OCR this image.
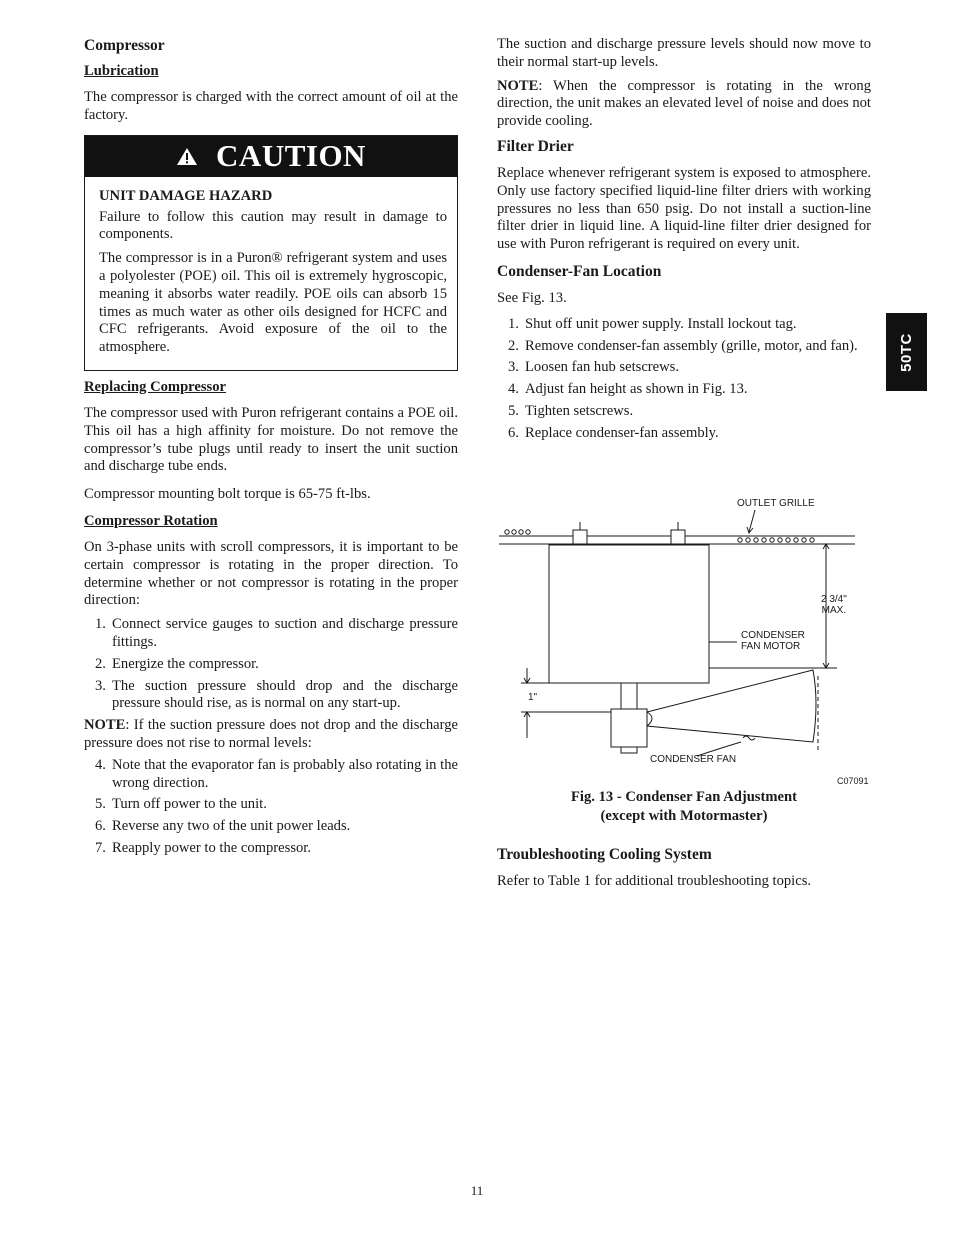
Compressor
Lubrication

The compressor is charged with the correct amount of oil at the factory.

CAUTION
UNIT DAMAGE HAZARD

Failure to follow this caution may result in damage to components.

The compressor is in a Puron® refrigerant system and uses a polyolester (POE) oil. This oil is extremely hygroscopic, meaning it absorbs water readily. POE oils can absorb 15 times as much water as other oils designed for HCFC and CFC refrigerants. Avoid exposure of the oil to the atmosphere.

Replacing Compressor

The compressor used with Puron refrigerant contains a POE oil. This oil has a high affinity for moisture. Do not remove the compressor’s tube plugs until ready to insert the unit suction and discharge tube ends.

Compressor mounting bolt torque is 65-75 ft-lbs.

Compressor Rotation

On 3-phase units with scroll compressors, it is important to be certain compressor is rotating in the proper direction. To determine whether or not compressor is rotating in the proper direction:

1. Connect service gauges to suction and discharge pressure fittings.
2. Energize the compressor.
3. The suction pressure should drop and the discharge pressure should rise, as is normal on any start-up.

NOTE: If the suction pressure does not drop and the discharge pressure does not rise to normal levels:

4. Note that the evaporator fan is probably also rotating in the wrong direction.
5. Turn off power to the unit.
6. Reverse any two of the unit power leads.
7. Reapply power to the compressor.

The suction and discharge pressure levels should now move to their normal start-up levels.

NOTE: When the compressor is rotating in the wrong direction, the unit makes an elevated level of noise and does not provide cooling.

Filter Drier

Replace whenever refrigerant system is exposed to atmosphere. Only use factory specified liquid-line filter driers with working pressures no less than 650 psig. Do not install a suction-line filter drier in liquid line. A liquid-line filter drier designed for use with Puron refrigerant is required on every unit.

Condenser-Fan Location

See Fig. 13.

1. Shut off unit power supply. Install lockout tag.
2. Remove condenser-fan assembly (grille, motor, and fan).
3. Loosen fan hub setscrews.
4. Adjust fan height as shown in Fig. 13.
5. Tighten setscrews.
6. Replace condenser-fan assembly.
OUTLET GRILLE
2 3/4"
MAX.
CONDENSER
FAN MOTOR
1"
CONDENSER FAN
C07091
Fig. 13 - Condenser Fan Adjustment
(except with Motormaster)
Troubleshooting Cooling System

Refer to Table 1 for additional troubleshooting topics.

50TC
11
